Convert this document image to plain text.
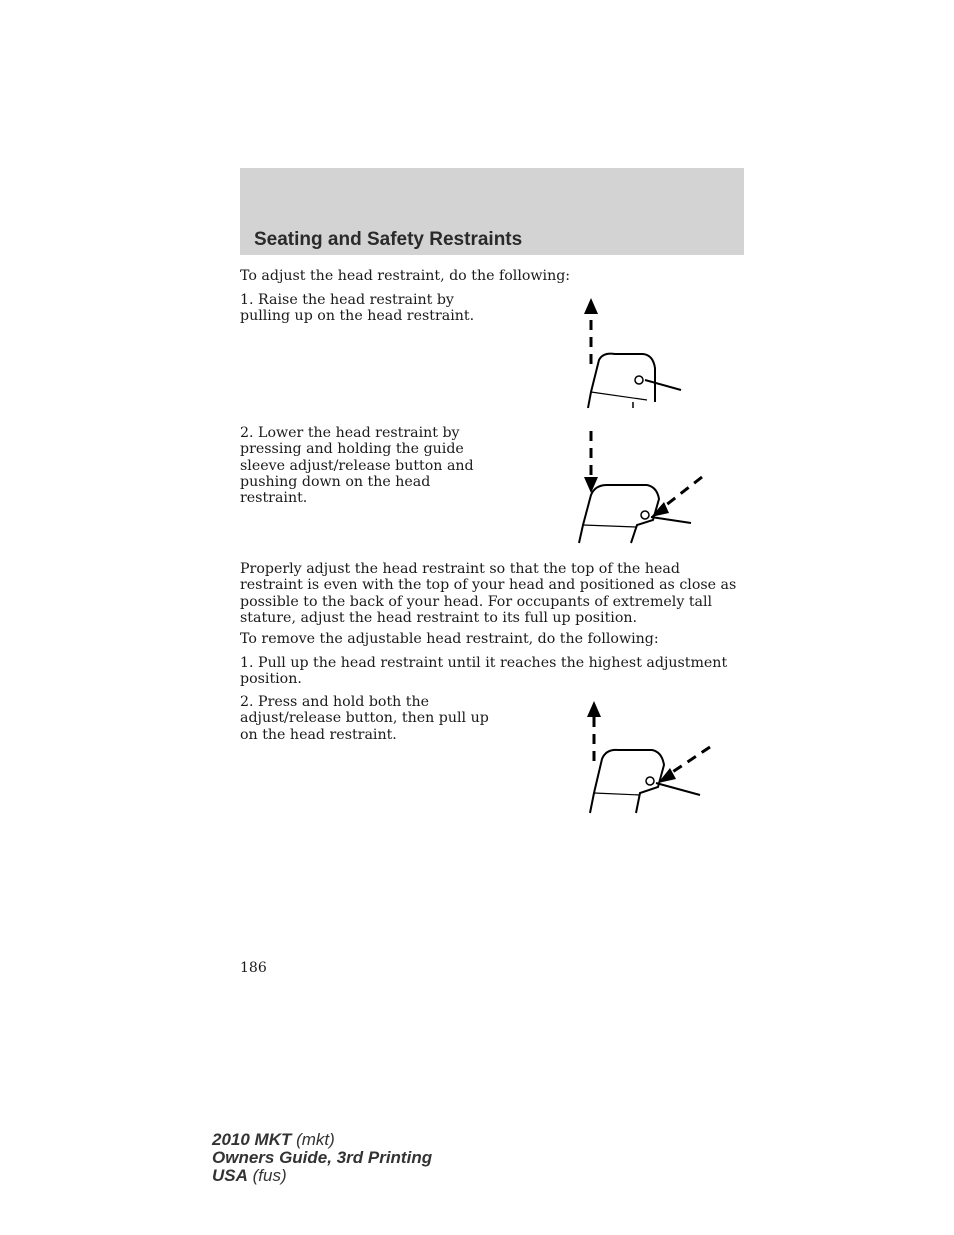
Seating and Safety Restraints

To adjust the head restraint, do the following:

1. Raise the head restraint by pulling up on the head restraint.

2. Lower the head restraint by pressing and holding the guide sleeve adjust/release button and pushing down on the head restraint.

Properly adjust the head restraint so that the top of the head restraint is even with the top of your head and positioned as close as possible to the back of your head. For occupants of extremely tall stature, adjust the head restraint to its full up position.

To remove the adjustable head restraint, do the following:

1. Pull up the head restraint until it reaches the highest adjustment position.

2. Press and hold both the adjust/release button, then pull up on the head restraint.

186
2010 MKT (mkt)
Owners Guide, 3rd Printing
USA (fus)
